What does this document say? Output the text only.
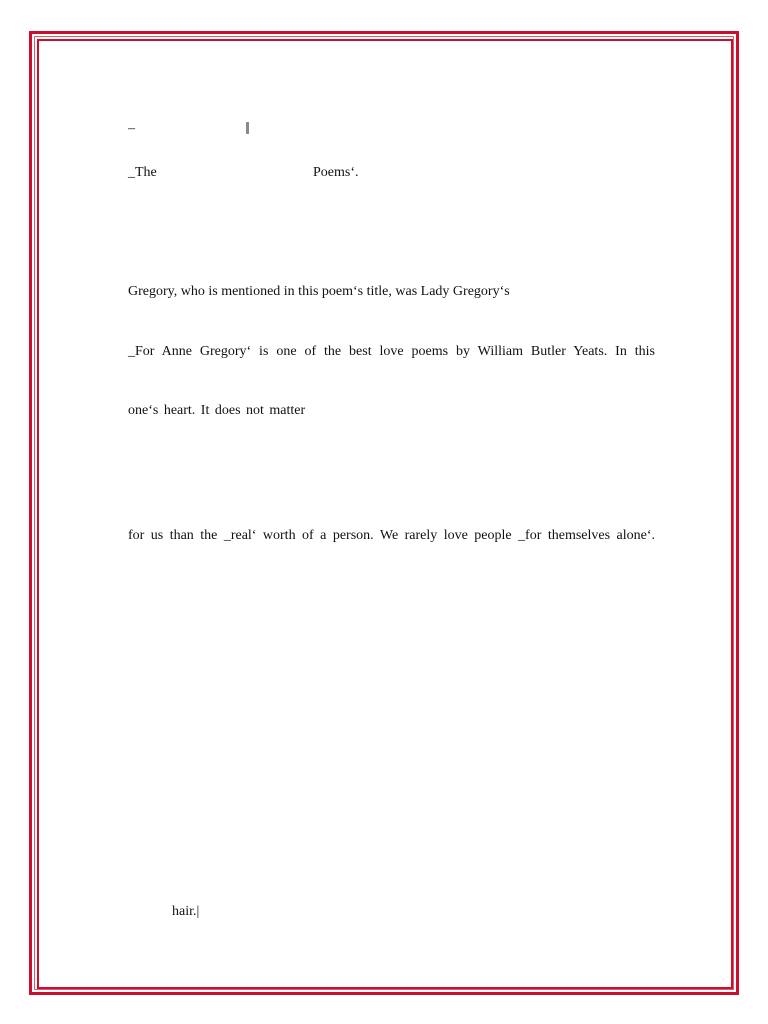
–

_The	Poems‘.

Gregory, who is mentioned in this poem‘s title, was Lady Gregory‘s

_For Anne Gregory‘ is one of the best love poems by William Butler Yeats. In this

one‘s heart. It does not matter

for us than the _real‘ worth of a person. We rarely love people _for themselves alone‘.

hair.|
